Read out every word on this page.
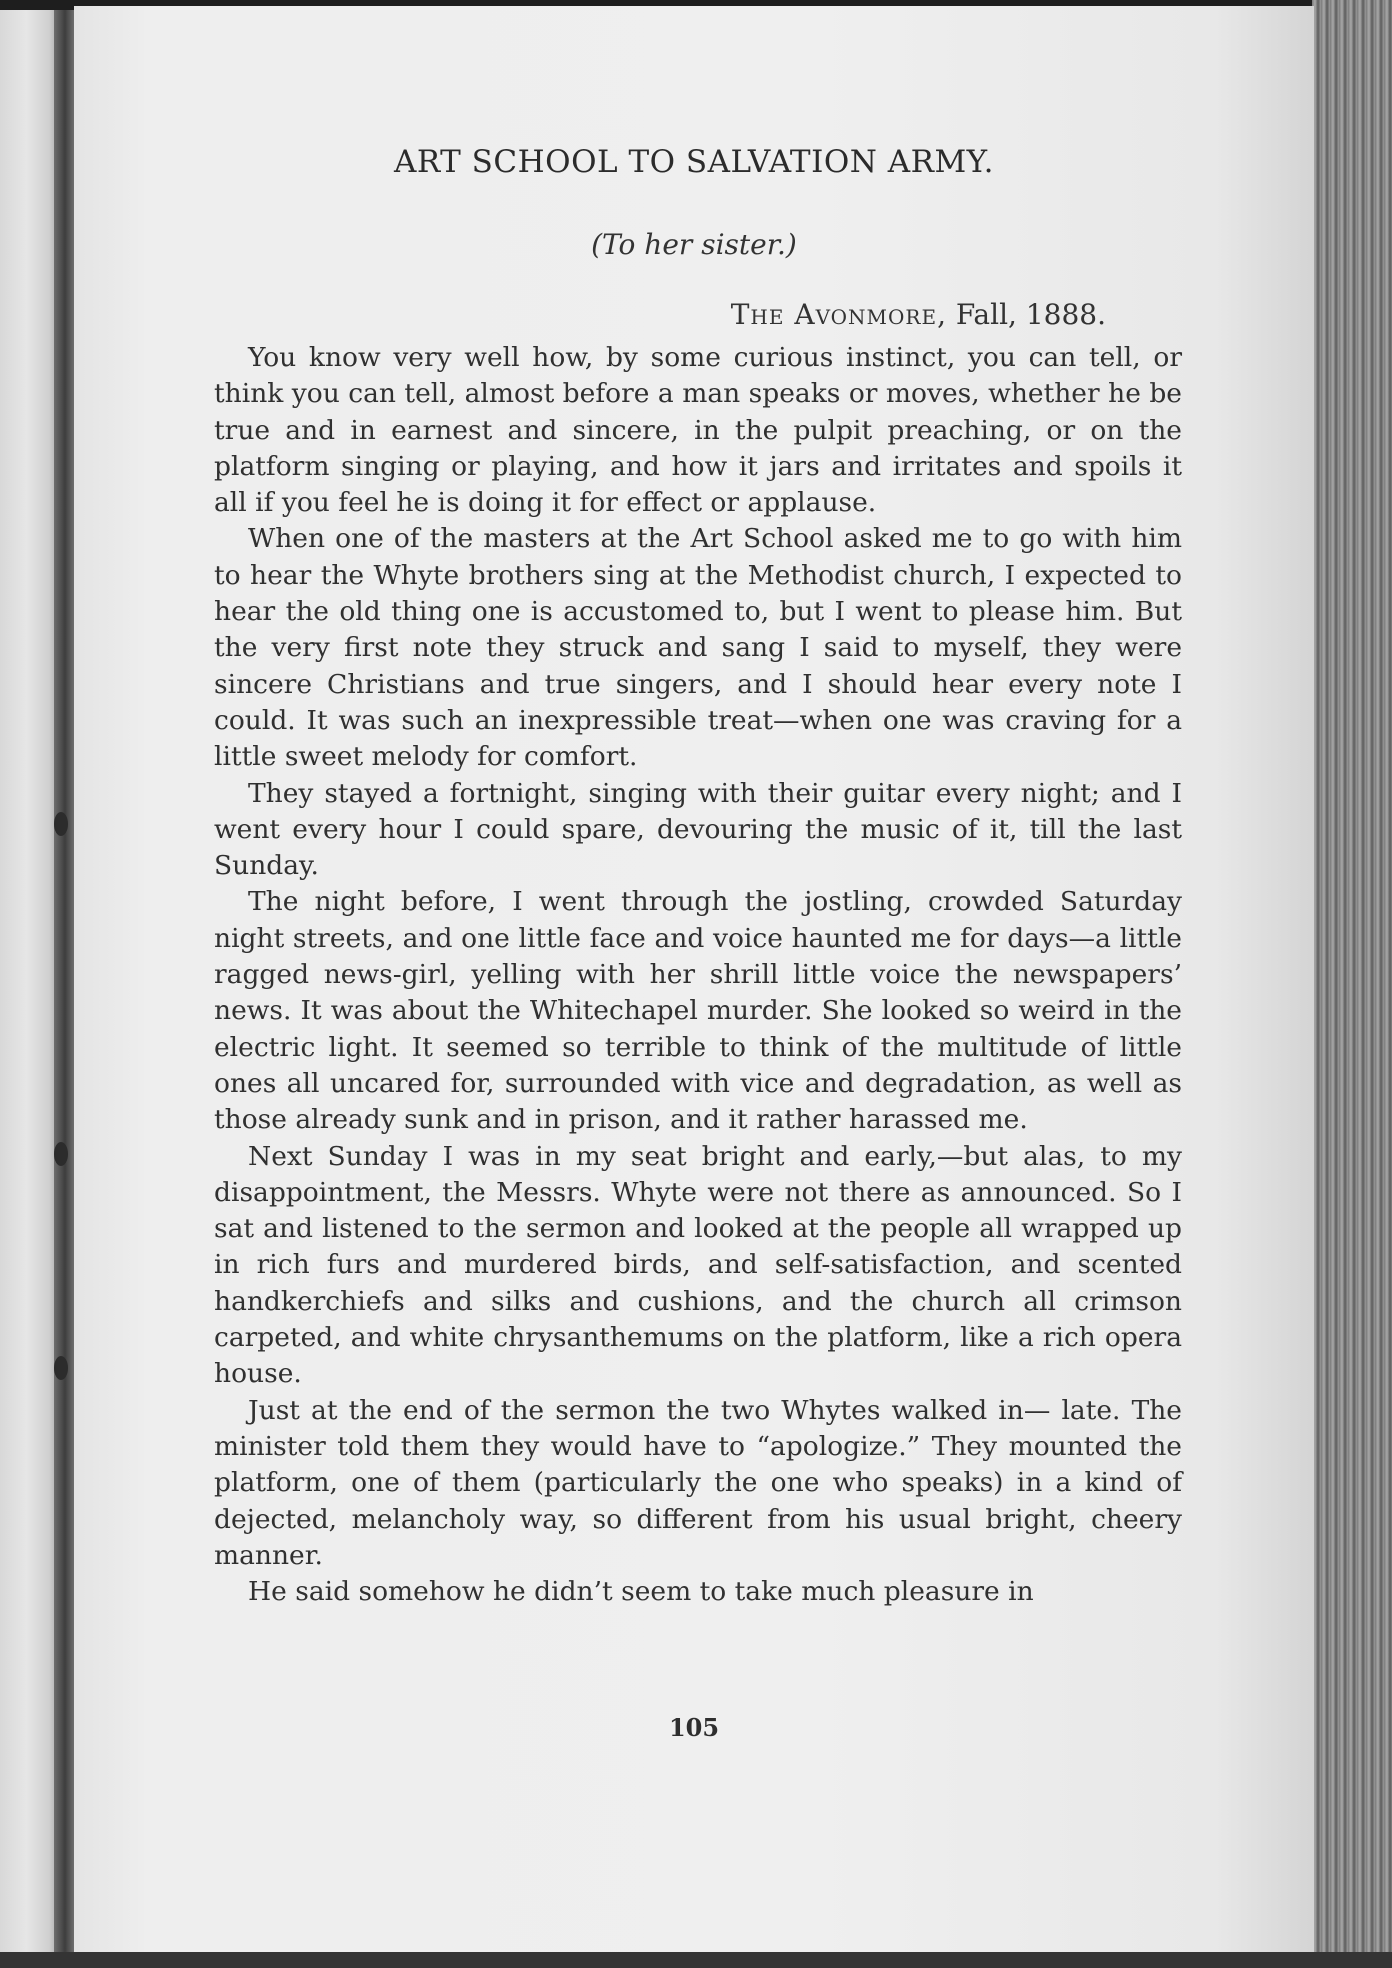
ART SCHOOL TO SALVATION ARMY.
(To her sister.)
The Avonmore, Fall, 1888.

You know very well how, by some curious instinct, you can tell, or think you can tell, almost before a man speaks or moves, whether he be true and in earnest and sincere, in the pulpit preaching, or on the platform singing or playing, and how it jars and irritates and spoils it all if you feel he is doing it for effect or applause.

When one of the masters at the Art School asked me to go with him to hear the Whyte brothers sing at the Methodist church, I expected to hear the old thing one is accustomed to, but I went to please him. But the very first note they struck and sang I said to myself, they were sincere Christians and true singers, and I should hear every note I could. It was such an inexpressible treat—when one was craving for a little sweet melody for comfort.

They stayed a fortnight, singing with their guitar every night; and I went every hour I could spare, devouring the music of it, till the last Sunday.

The night before, I went through the jostling, crowded Saturday night streets, and one little face and voice haunted me for days—a little ragged news-girl, yelling with her shrill little voice the newspapers’ news. It was about the Whitechapel murder. She looked so weird in the electric light. It seemed so terrible to think of the multitude of little ones all uncared for, surrounded with vice and degradation, as well as those already sunk and in prison, and it rather harassed me.

Next Sunday I was in my seat bright and early,—but alas, to my disappointment, the Messrs. Whyte were not there as announced. So I sat and listened to the sermon and looked at the people all wrapped up in rich furs and murdered birds, and self-satisfaction, and scented handkerchiefs and silks and cushions, and the church all crimson carpeted, and white chrysanthemums on the platform, like a rich opera house.

Just at the end of the sermon the two Whytes walked in— late. The minister told them they would have to “apologize.” They mounted the platform, one of them (particularly the one who speaks) in a kind of dejected, melancholy way, so different from his usual bright, cheery manner.

He said somehow he didn’t seem to take much pleasure in

105
